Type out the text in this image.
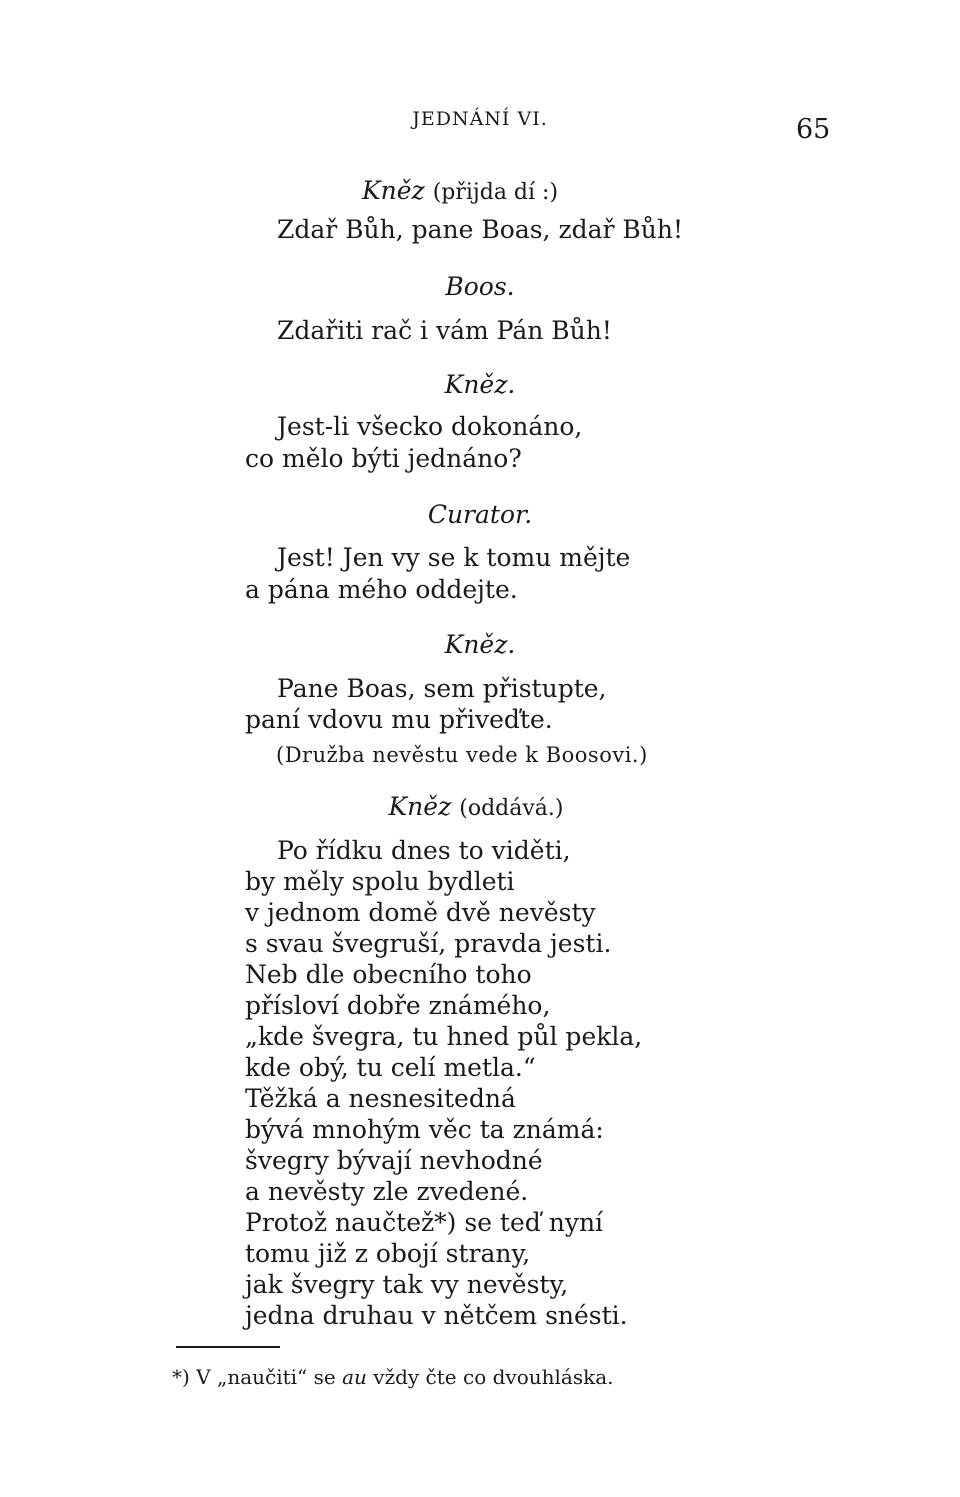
JEDNÁNÍ VI.	65
Kněz (přijda dí :)
Zdař Bůh, pane Boas, zdař Bůh!
Boos.
Zdařiti rač i vám Pán Bůh!
Kněz.
Jest-li všecko dokonáno,
co mělo býti jednáno?
Curator.
Jest! Jen vy se k tomu mějte
a pána mého oddejte.
Kněz.
Pane Boas, sem přistupte,
paní vdovu mu přiveďte.
(Družba nevěstu vede k Boosovi.)
Kněz (oddává.)
Po řídku dnes to viděti,
by měly spolu bydleti
v jednom domě dvě nevěsty
s svau švegruší, pravda jesti.
Neb dle obecního toho
přísloví dobře známého,
„kde švegra, tu hned půl pekla,
kde obý, tu celí metla.“
Těžká a nesnesitedná
bývá mnohým věc ta známá:
švegry bývají nevhodné
a nevěsty zle zvedené.
Protož naučtež*) se teď nyní
tomu již z obojí strany,
jak švegry tak vy nevěsty,
jedna druhau v nětčem snésti.
*) V „naučiti“ se au vždy čte co dvouhláska.
